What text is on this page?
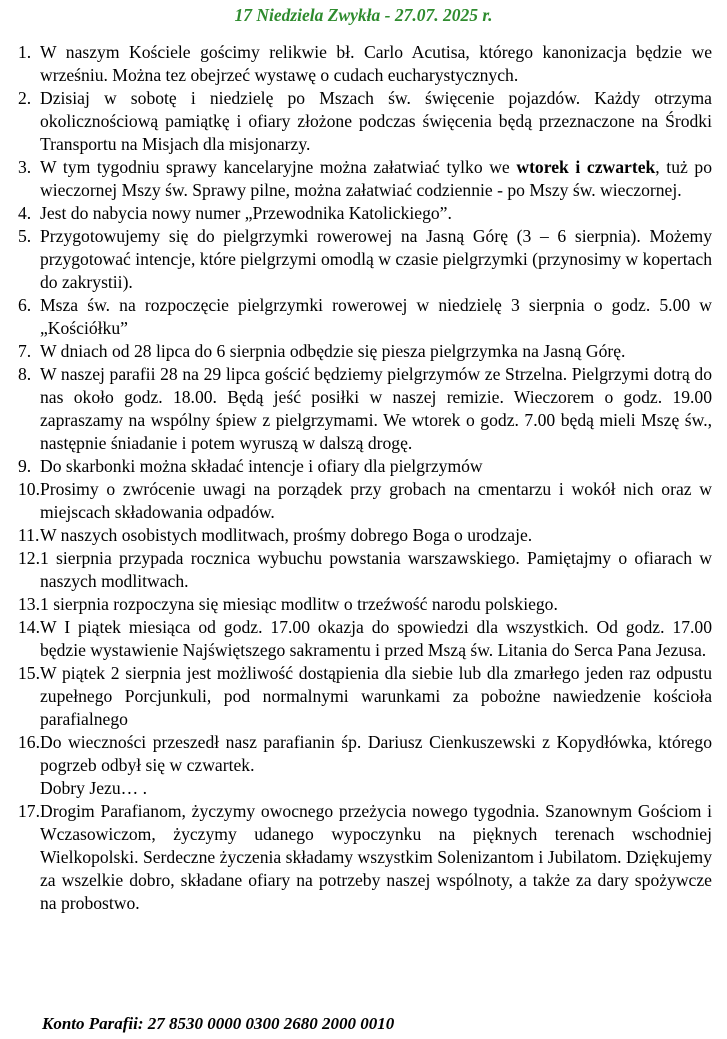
17 Niedziela Zwykła - 27.07. 2025 r.
1. W naszym Kościele gościmy relikwie bł. Carlo Acutisa, którego kanonizacja będzie we wrześniu. Można tez obejrzeć wystawę o cudach eucharystycznych.
2. Dzisiaj w sobotę i niedzielę po Mszach św. święcenie pojazdów. Każdy otrzyma okolicznościową pamiątkę i ofiary złożone podczas święcenia będą przeznaczone na Środki Transportu na Misjach dla misjonarzy.
3. W tym tygodniu sprawy kancelaryjne można załatwiać tylko we wtorek i czwartek, tuż po wieczornej Mszy św. Sprawy pilne, można załatwiać codziennie - po Mszy św. wieczornej.
4. Jest do nabycia nowy numer „Przewodnika Katolickiego”.
5. Przygotowujemy się do pielgrzymki rowerowej na Jasną Górę (3 – 6 sierpnia). Możemy przygotować intencje, które pielgrzymi omodlą w czasie pielgrzymki (przynosimy w kopertach do zakrystii).
6. Msza św. na rozpoczęcie pielgrzymki rowerowej w niedzielę 3 sierpnia o godz. 5.00 w „Kościółku”
7. W dniach od 28 lipca do 6 sierpnia odbędzie się piesza pielgrzymka na Jasną Górę.
8. W naszej parafii 28 na 29 lipca gościć będziemy pielgrzymów ze Strzelna. Pielgrzymi dotrą do nas około godz. 18.00. Będą jeść posiłki w naszej remizie. Wieczorem o godz. 19.00 zapraszamy na wspólny śpiew z pielgrzymami. We wtorek o godz. 7.00 będą mieli Mszę św., następnie śniadanie i potem wyruszą w dalszą drogę.
9. Do skarbonki można składać intencje i ofiary dla pielgrzymów
10. Prosimy o zwrócenie uwagi na porządek przy grobach na cmentarzu i wokół nich oraz w miejscach składowania odpadów.
11. W naszych osobistych modlitwach, prośmy dobrego Boga o urodzaje.
12. 1 sierpnia przypada rocznica wybuchu powstania warszawskiego. Pamiętajmy o ofiarach w naszych modlitwach.
13. 1 sierpnia rozpoczyna się miesiąc modlitw o trzeźwość narodu polskiego.
14. W I piątek miesiąca od godz. 17.00 okazja do spowiedzi dla wszystkich. Od godz. 17.00 będzie wystawienie Najświętszego sakramentu i przed Mszą św. Litania do Serca Pana Jezusa.
15. W piątek 2 sierpnia jest możliwość dostąpienia dla siebie lub dla zmarłego jeden raz odpustu zupełnego Porcjunkuli, pod normalnymi warunkami za pobożne nawiedzenie kościoła parafialnego
16. Do wieczności przeszedł nasz parafianin śp. Dariusz Cienkuszewski z Kopydłówka, którego pogrzeb odbył się w czwartek.
Dobry Jezu… .
17. Drogim Parafianom, życzymy owocnego przeżycia nowego tygodnia. Szanownym Gościom i Wczasowiczom, życzymy udanego wypoczynku na pięknych terenach wschodniej Wielkopolski. Serdeczne życzenia składamy wszystkim Solenizantom i Jubilatom. Dziękujemy za wszelkie dobro, składane ofiary na potrzeby naszej wspólnoty, a także za dary spożywcze na probostwo.
Konto Parafii: 27 8530 0000 0300 2680 2000 0010
